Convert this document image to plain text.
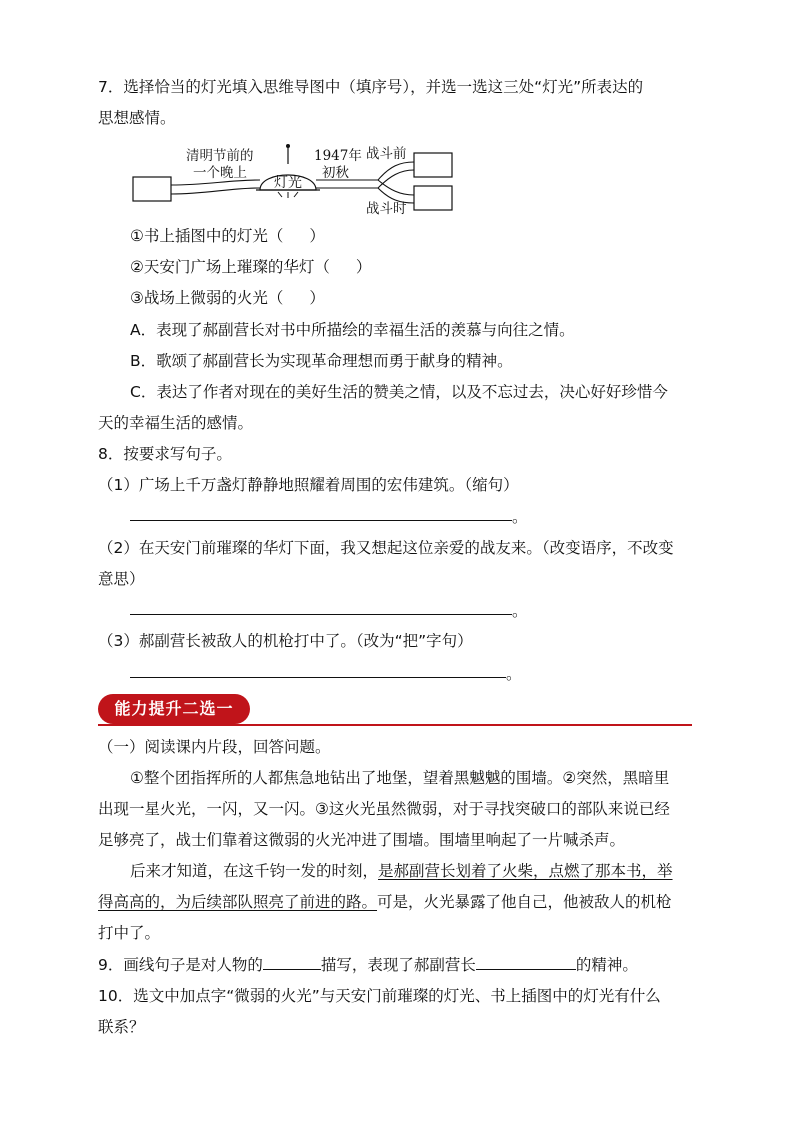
7．选择恰当的灯光填入思维导图中（填序号），并选一选这三处“灯光”所表达的
思想感情。
灯光
清明节前的
一个晚上
1947年
初秋
战斗前
战斗时
①书上插图中的灯光（ ）
②天安门广场上璀璨的华灯（ ）
③战场上微弱的火光（ ）
A．表现了郝副营长对书中所描绘的幸福生活的羡慕与向往之情。
B．歌颂了郝副营长为实现革命理想而勇于献身的精神。
C．表达了作者对现在的美好生活的赞美之情，以及不忘过去，决心好好珍惜今
天的幸福生活的感情。
8．按要求写句子。
（1）广场上千万盏灯静静地照耀着周围的宏伟建筑。（缩句）
。
（2）在天安门前璀璨的华灯下面，我又想起这位亲爱的战友来。（改变语序，不改变
意思）
。
（3）郝副营长被敌人的机枪打中了。（改为“把”字句）
。
能力提升二选一
（一）阅读课内片段，回答问题。
①整个团指挥所的人都焦急地钻出了地堡，望着黑魆魆的围墙。②突然，黑暗里
出现一星火光，一闪，又一闪。③这火光虽然微弱，对于寻找突破口的部队来说已经
足够亮了，战士们靠着这微弱的火光冲进了围墙。围墙里响起了一片喊杀声。
后来才知道，在这千钧一发的时刻，是郝副营长划着了火柴，点燃了那本书，举
得高高的，为后续部队照亮了前进的路。可是，火光暴露了他自己，他被敌人的机枪
打中了。
9．画线句子是对人物的	描写，表现了郝副营长	的精神。
10．选文中加点字“微弱的火光”与天安门前璀璨的灯光、书上插图中的灯光有什么
联系？
